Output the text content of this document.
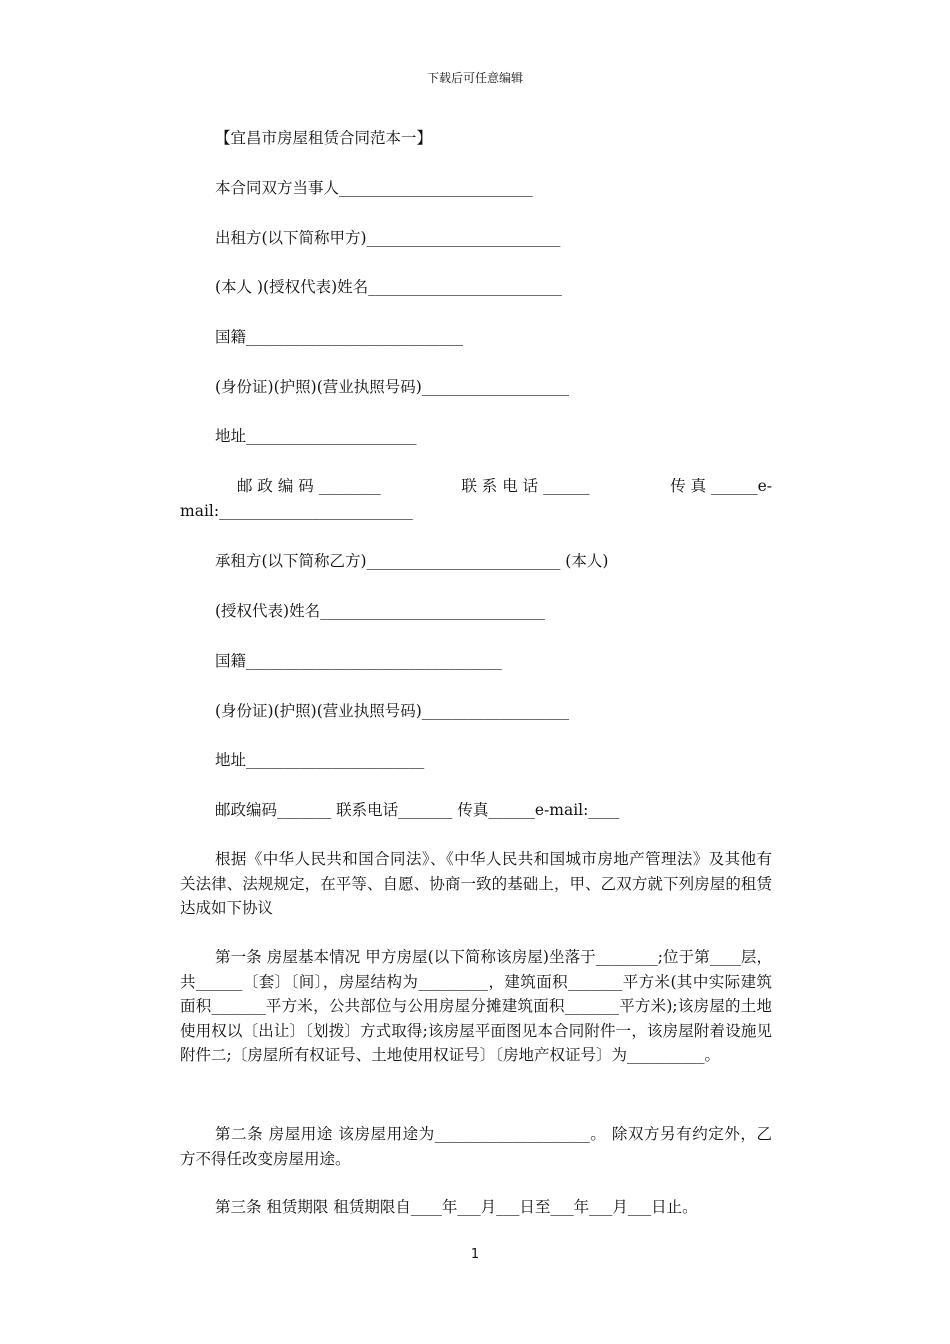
下载后可任意编辑
【宜昌市房屋租赁合同范本一】
本合同双方当事人_________________________
出租方(以下简称甲方)_________________________
(本人 )(授权代表)姓名_________________________
国籍____________________________
(身份证)(护照)(营业执照号码)___________________
地址______________________
邮 政 编 码 ________	联 系 电 话 ______	传 真 ______e-
mail:_________________________
承租方(以下简称乙方)_________________________ (本人)
(授权代表)姓名_____________________________
国籍_________________________________
(身份证)(护照)(营业执照号码)___________________
地址_______________________
邮政编码_______ 联系电话_______ 传真______e-mail:____
根据《中华人民共和国合同法》、《中华人民共和国城市房地产管理法》及其他有关法律、法规规定，在平等、自愿、协商一致的基础上，甲、乙双方就下列房屋的租赁达成如下协议
第一条 房屋基本情况 甲方房屋(以下简称该房屋)坐落于________;位于第____层，共______〔套〕〔间〕，房屋结构为_________，建筑面积_______平方米(其中实际建筑面积_______平方米，公共部位与公用房屋分摊建筑面积_______平方米);该房屋的土地使用权以〔出让〕〔划拨〕方式取得;该房屋平面图见本合同附件一，该房屋附着设施见附件二;〔房屋所有权证号、土地使用权证号〕〔房地产权证号〕为__________。
第二条 房屋用途 该房屋用途为____________________。 除双方另有约定外，乙方不得任改变房屋用途。
第三条 租赁期限 租赁期限自____年___月___日至___年___月___日止。
1
